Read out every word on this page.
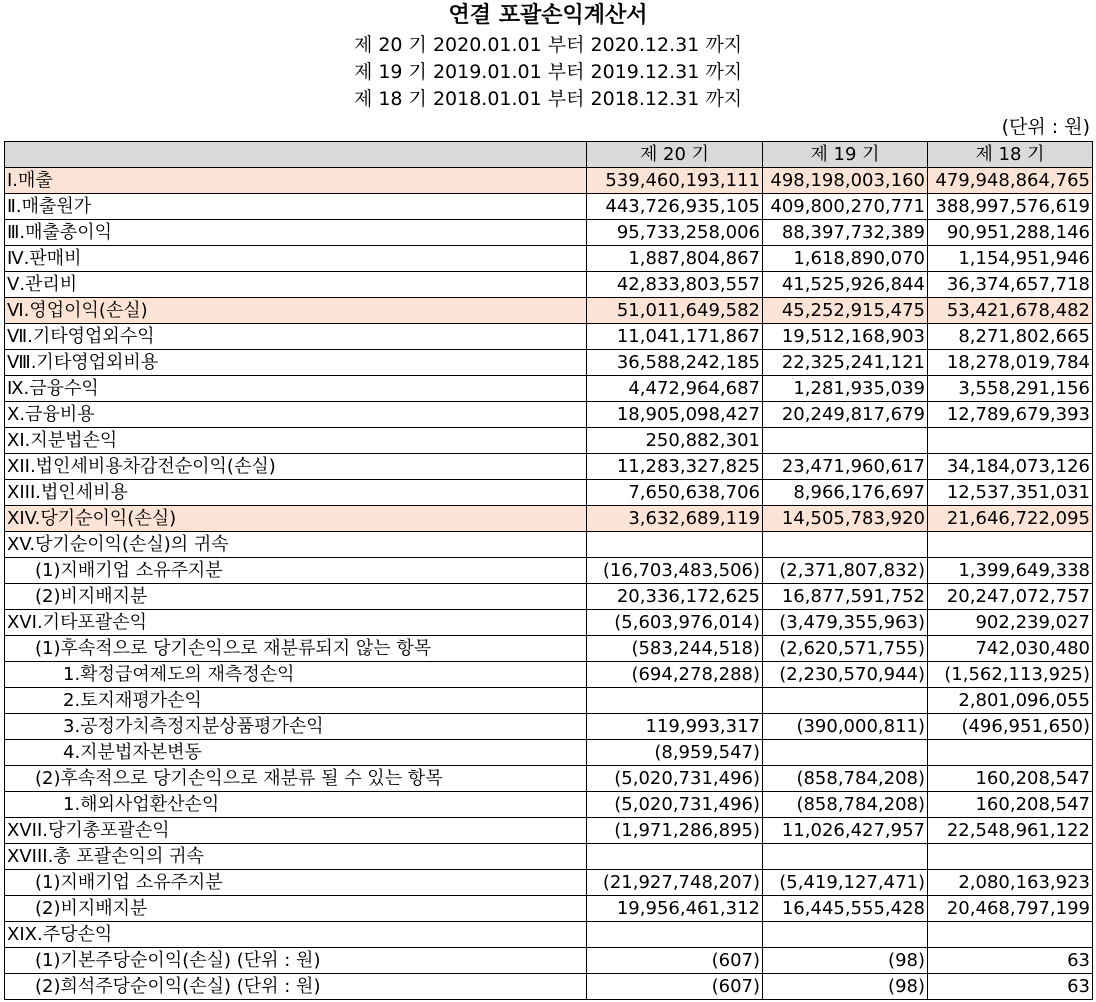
연결 포괄손익계산서
제 20 기 2020.01.01 부터 2020.12.31 까지
제 19 기 2019.01.01 부터 2019.12.31 까지
제 18 기 2018.01.01 부터 2018.12.31 까지
(단위 : 원)
	제 20 기	제 19 기	제 18 기
Ⅰ.매출	539,460,193,111	498,198,003,160	479,948,864,765
Ⅱ.매출원가	443,726,935,105	409,800,270,771	388,997,576,619
Ⅲ.매출총이익	95,733,258,006	88,397,732,389	90,951,288,146
Ⅳ.판매비	1,887,804,867	1,618,890,070	1,154,951,946
Ⅴ.관리비	42,833,803,557	41,525,926,844	36,374,657,718
Ⅵ.영업이익(손실)	51,011,649,582	45,252,915,475	53,421,678,482
Ⅶ.기타영업외수익	11,041,171,867	19,512,168,903	8,271,802,665
Ⅷ.기타영업외비용	36,588,242,185	22,325,241,121	18,278,019,784
Ⅸ.금융수익	4,472,964,687	1,281,935,039	3,558,291,156
Ⅹ.금융비용	18,905,098,427	20,249,817,679	12,789,679,393
XI.지분법손익	250,882,301		
XII.법인세비용차감전순이익(손실)	11,283,327,825	23,471,960,617	34,184,073,126
XIII.법인세비용	7,650,638,706	8,966,176,697	12,537,351,031
XIV.당기순이익(손실)	3,632,689,119	14,505,783,920	21,646,722,095
XV.당기순이익(손실)의 귀속			
(1)지배기업 소유주지분	(16,703,483,506)	(2,371,807,832)	1,399,649,338
(2)비지배지분	20,336,172,625	16,877,591,752	20,247,072,757
XVI.기타포괄손익	(5,603,976,014)	(3,479,355,963)	902,239,027
(1)후속적으로 당기손익으로 재분류되지 않는 항목	(583,244,518)	(2,620,571,755)	742,030,480
1.확정급여제도의 재측정손익	(694,278,288)	(2,230,570,944)	(1,562,113,925)
2.토지재평가손익			2,801,096,055
3.공정가치측정지분상품평가손익	119,993,317	(390,000,811)	(496,951,650)
4.지분법자본변동	(8,959,547)		
(2)후속적으로 당기손익으로 재분류 될 수 있는 항목	(5,020,731,496)	(858,784,208)	160,208,547
1.해외사업환산손익	(5,020,731,496)	(858,784,208)	160,208,547
XVII.당기총포괄손익	(1,971,286,895)	11,026,427,957	22,548,961,122
XVIII.총 포괄손익의 귀속			
(1)지배기업 소유주지분	(21,927,748,207)	(5,419,127,471)	2,080,163,923
(2)비지배지분	19,956,461,312	16,445,555,428	20,468,797,199
XIX.주당손익			
(1)기본주당순이익(손실) (단위 : 원)	(607)	(98)	63
(2)희석주당순이익(손실) (단위 : 원)	(607)	(98)	63
